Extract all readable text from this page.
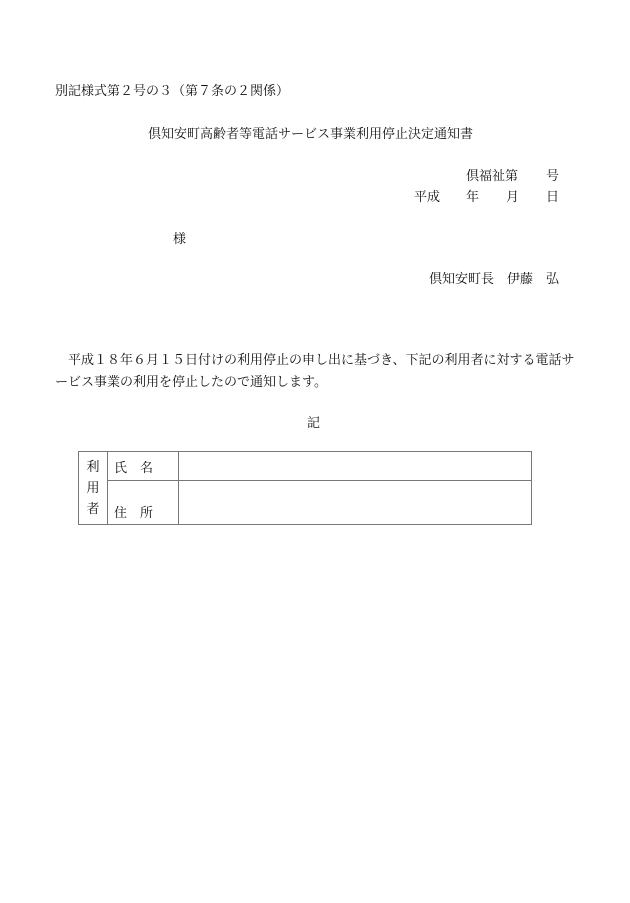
別記様式第２号の３（第７条の２関係）
倶知安町高齢者等電話サービス事業利用停止決定通知書
倶福祉第 号
平成 年 月 日
様
倶知安町長　伊藤　弘
平成１８年６月１５日付けの利用停止の申し出に基づき、下記の利用者に対する電話サービス事業の利用を停止したので通知します。
記
利
用
者	氏　名	
	住　所	
